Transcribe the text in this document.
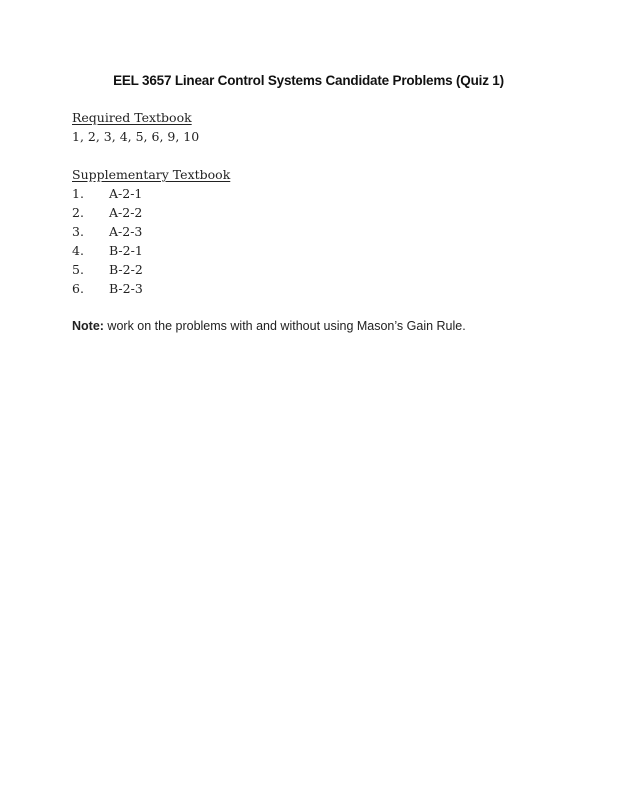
EEL 3657 Linear Control Systems Candidate Problems (Quiz 1)
Required Textbook
1, 2, 3, 4, 5, 6, 9, 10
Supplementary Textbook
1.	A-2-1
2.	A-2-2
3.	A-2-3
4.	B-2-1
5.	B-2-2
6.	B-2-3
Note: work on the problems with and without using Mason’s Gain Rule.
